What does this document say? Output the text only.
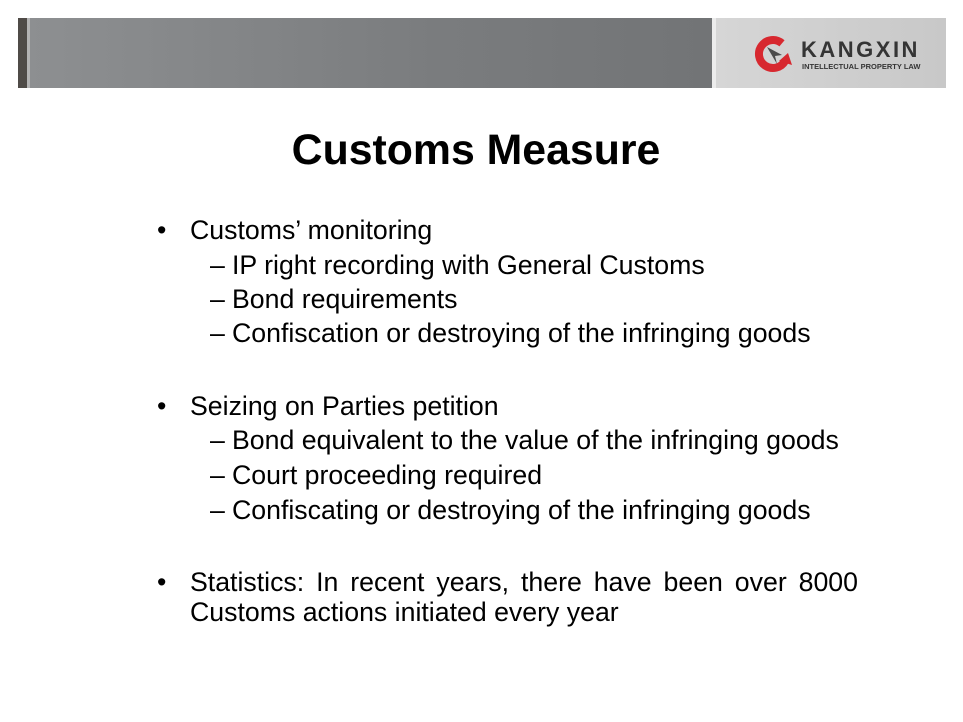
KANGXIN
INTELLECTUAL PROPERTY LAW
Customs Measure
• Customs’ monitoring
– IP right recording with General Customs
– Bond requirements
– Confiscation or destroying of the infringing goods
• Seizing on Parties petition
– Bond equivalent to the value of the infringing goods
– Court proceeding required
– Confiscating or destroying of the infringing goods
• Statistics: In recent years, there have been over 8000 Customs actions initiated every year
